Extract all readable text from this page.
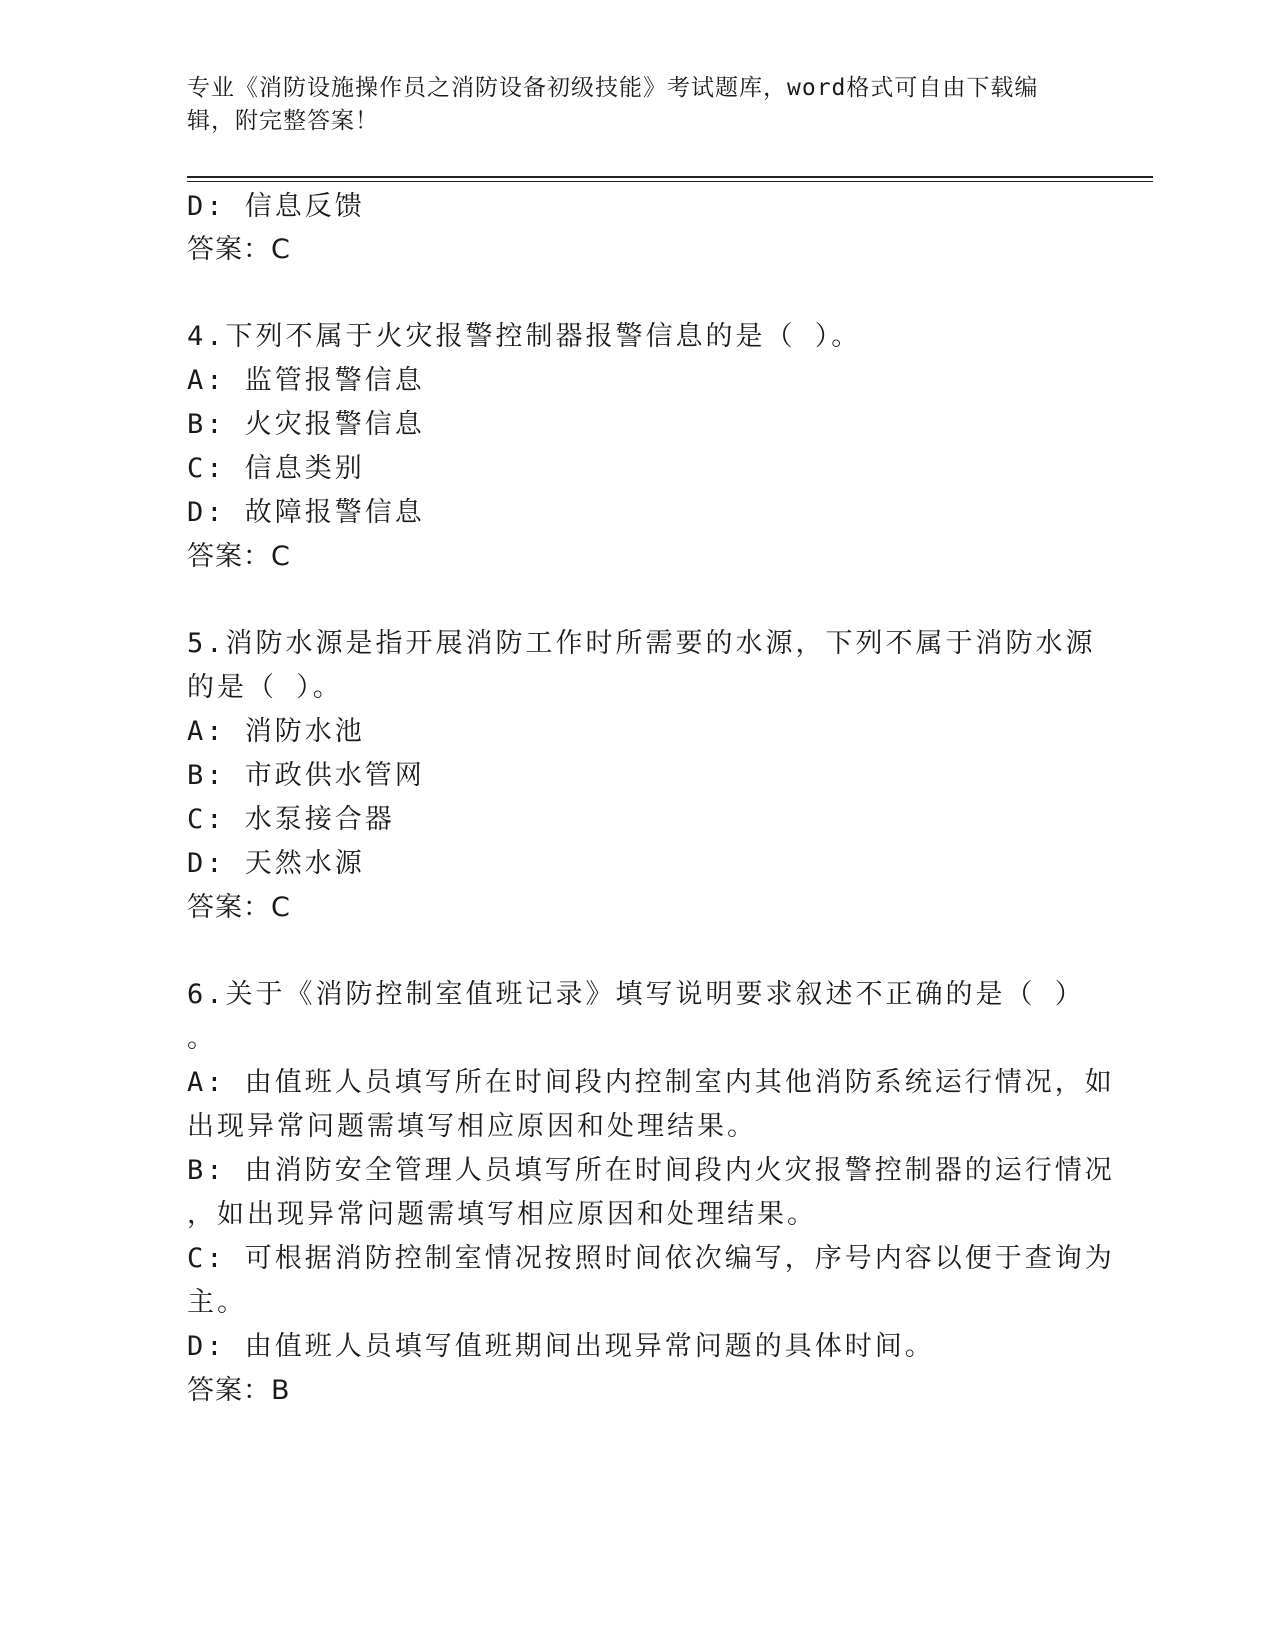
专业《消防设施操作员之消防设备初级技能》考试题库，word格式可自由下载编
辑，附完整答案！
D: 信息反馈
答案：C
4.下列不属于火灾报警控制器报警信息的是（ ）。
A: 监管报警信息
B: 火灾报警信息
C: 信息类别
D: 故障报警信息
答案：C
5.消防水源是指开展消防工作时所需要的水源，下列不属于消防水源
的是（ ）。
A: 消防水池
B: 市政供水管网
C: 水泵接合器
D: 天然水源
答案：C
6.关于《消防控制室值班记录》填写说明要求叙述不正确的是（ ）
。
A: 由值班人员填写所在时间段内控制室内其他消防系统运行情况，如
出现异常问题需填写相应原因和处理结果。
B: 由消防安全管理人员填写所在时间段内火灾报警控制器的运行情况
，如出现异常问题需填写相应原因和处理结果。
C: 可根据消防控制室情况按照时间依次编写，序号内容以便于查询为
主。
D: 由值班人员填写值班期间出现异常问题的具体时间。
答案：B
